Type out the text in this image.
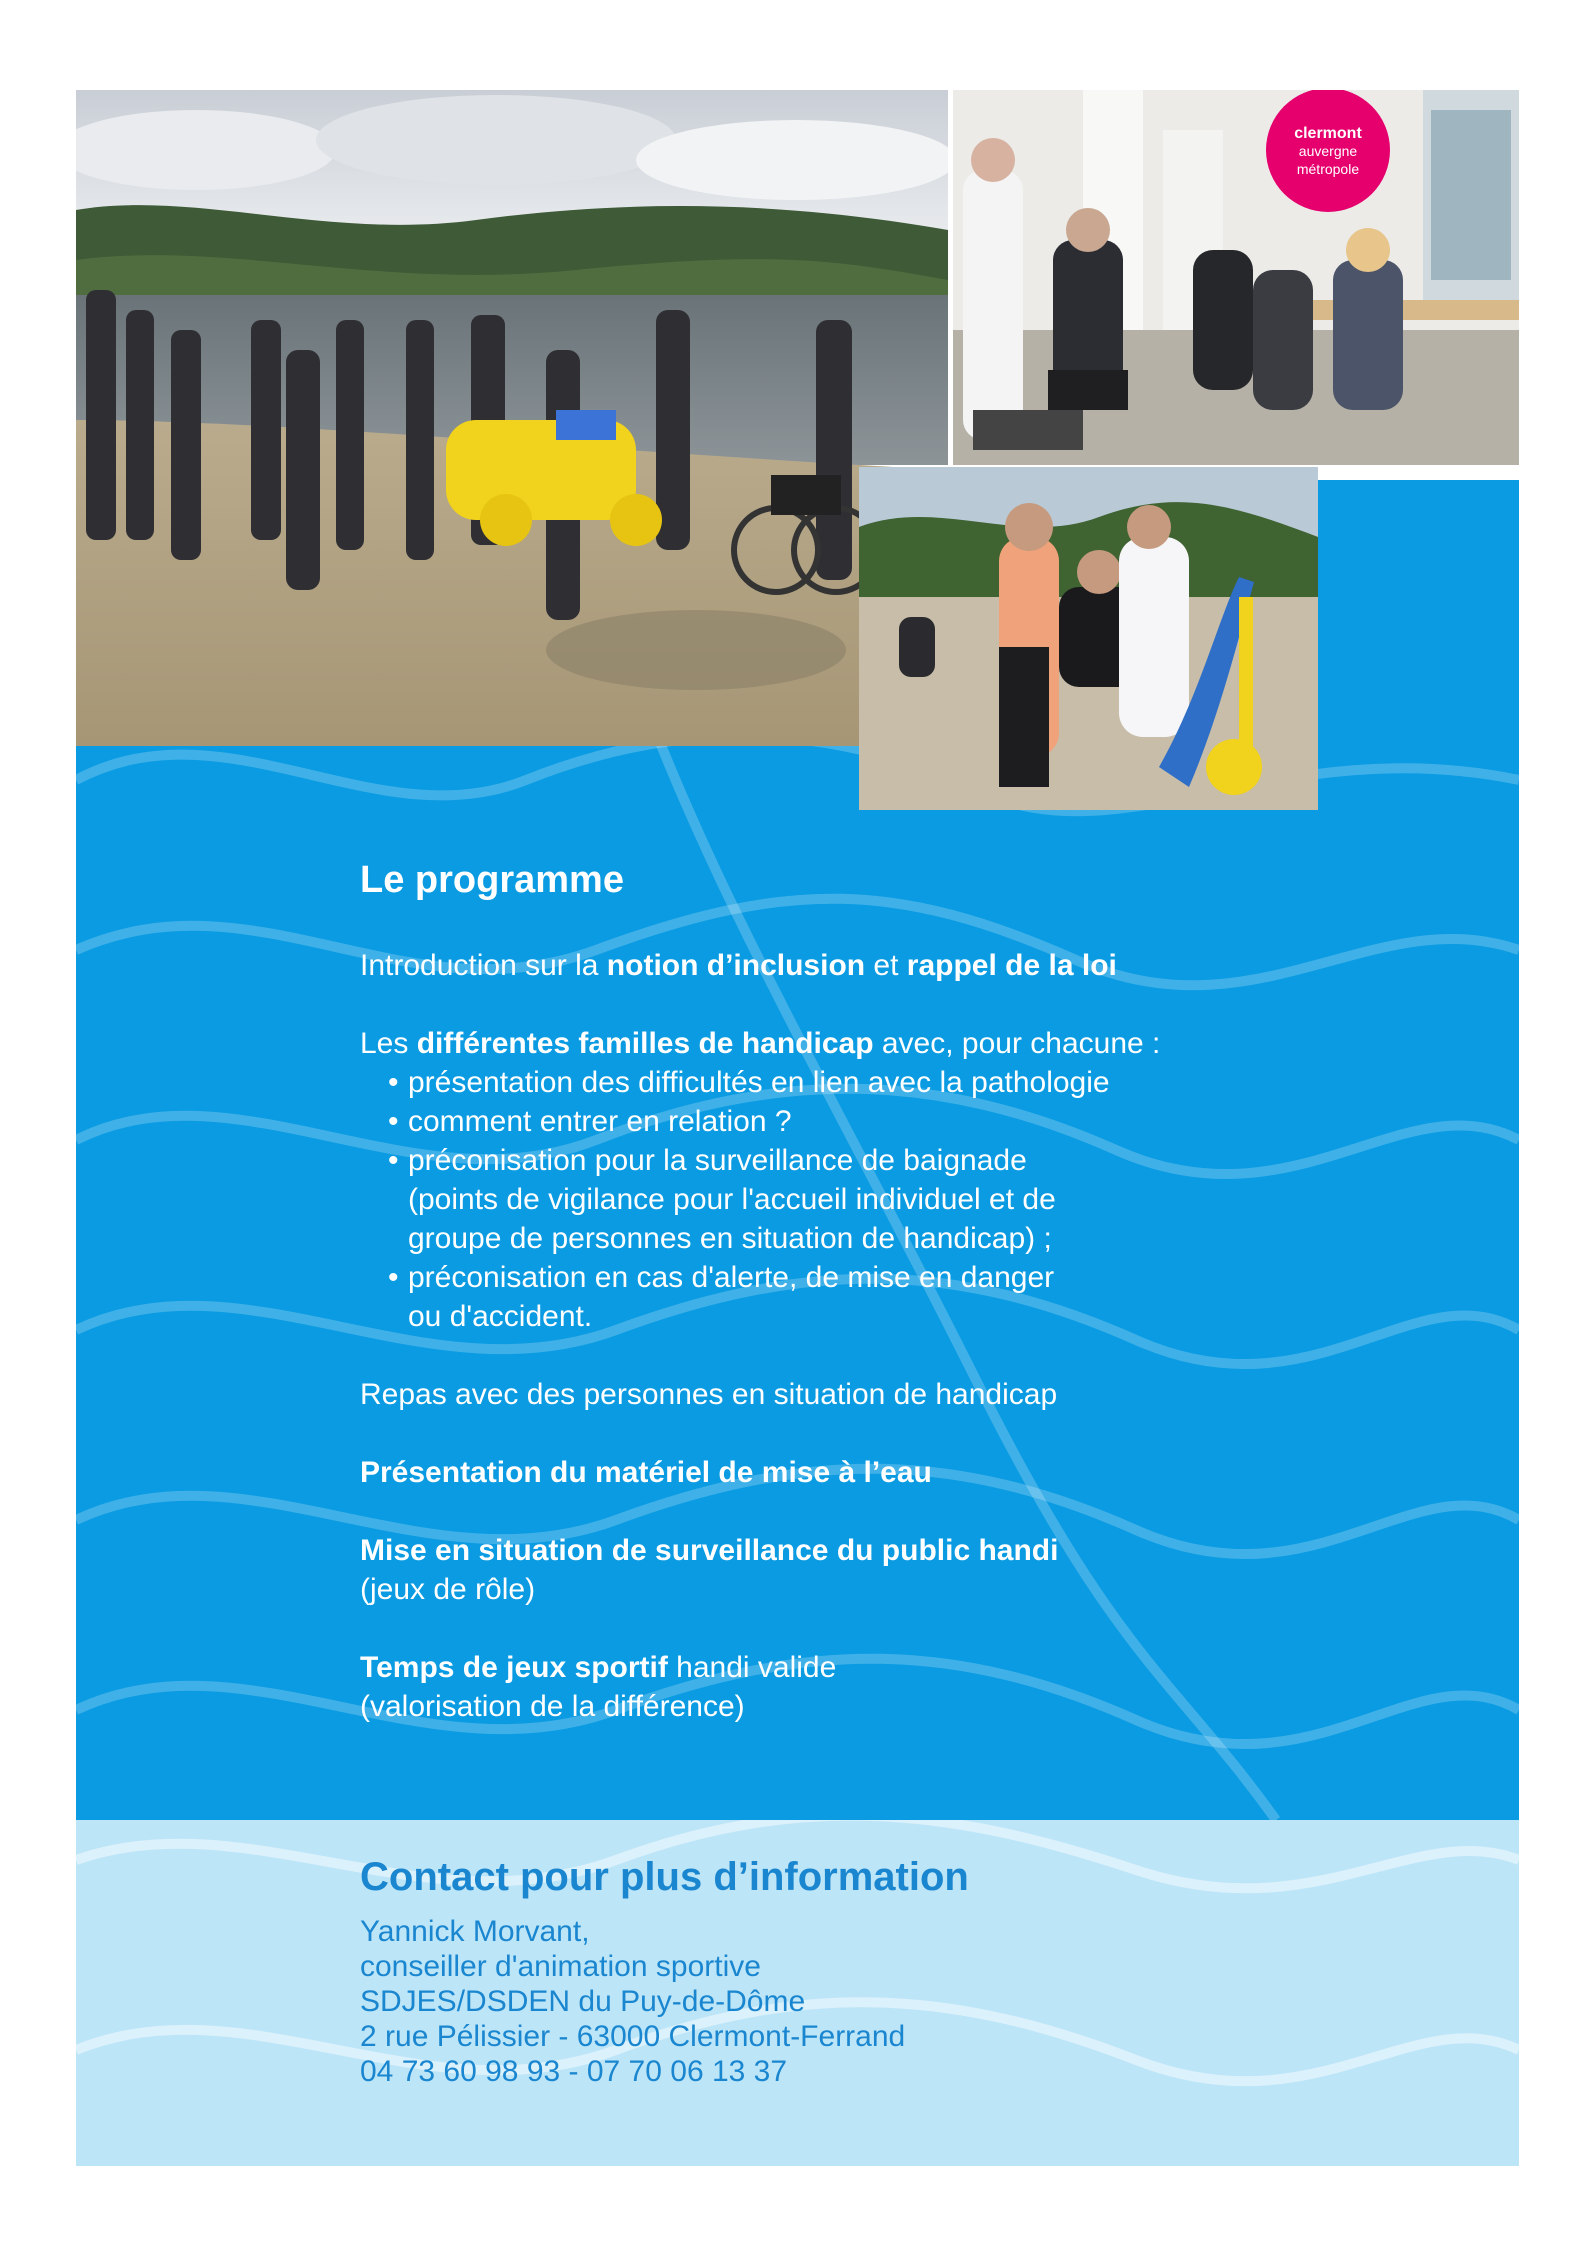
clermont
auvergne
métropole
Le programme

Introduction sur la notion d’inclusion et rappel de la loi

Les différentes familles de handicap avec, pour chacune :

• présentation des difficultés en lien avec la pathologie
• comment entrer en relation ?
• préconisation pour la surveillance de baignade
(points de vigilance pour l'accueil individuel et de
groupe de personnes en situation de handicap) ;
• préconisation en cas d'alerte, de mise en danger
ou d'accident.

Repas avec des personnes en situation de handicap

Présentation du matériel de mise à l’eau

Mise en situation de surveillance du public handi
(jeux de rôle)

Temps de jeux sportif handi valide
(valorisation de la différence)

Contact pour plus d’information

Yannick Morvant,

conseiller d'animation sportive

SDJES/DSDEN du Puy-de-Dôme

2 rue Pélissier - 63000 Clermont-Ferrand

04 73 60 98 93 - 07 70 06 13 37
